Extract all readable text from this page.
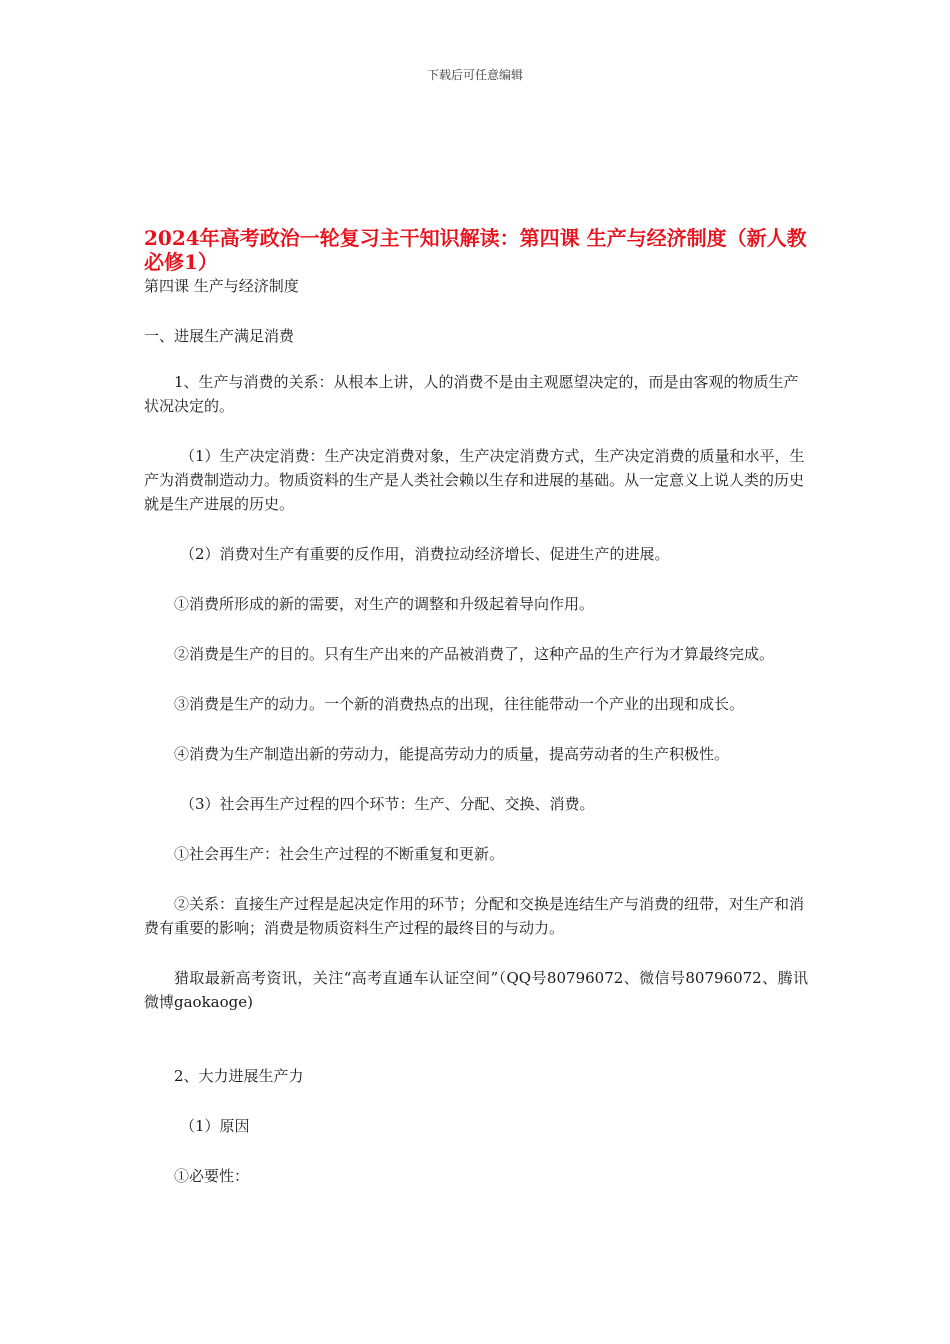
下载后可任意编辑
2024年高考政治一轮复习主干知识解读：第四课 生产与经济制度（新人教必修1）

第四课 生产与经济制度

一、进展生产满足消费

1、生产与消费的关系：从根本上讲，人的消费不是由主观愿望决定的，而是由客观的物质生产状况决定的。

（1）生产决定消费：生产决定消费对象，生产决定消费方式，生产决定消费的质量和水平，生产为消费制造动力。物质资料的生产是人类社会赖以生存和进展的基础。从一定意义上说人类的历史就是生产进展的历史。

（2）消费对生产有重要的反作用，消费拉动经济增长、促进生产的进展。

①消费所形成的新的需要，对生产的调整和升级起着导向作用。

②消费是生产的目的。只有生产出来的产品被消费了，这种产品的生产行为才算最终完成。

③消费是生产的动力。一个新的消费热点的出现，往往能带动一个产业的出现和成长。

④消费为生产制造出新的劳动力，能提高劳动力的质量，提高劳动者的生产积极性。

（3）社会再生产过程的四个环节：生产、分配、交换、消费。

①社会再生产：社会生产过程的不断重复和更新。

②关系：直接生产过程是起决定作用的环节；分配和交换是连结生产与消费的纽带，对生产和消费有重要的影响；消费是物质资料生产过程的最终目的与动力。

猎取最新高考资讯，关注“高考直通车认证空间”（QQ号80796072、微信号80796072、腾讯微博gaokaoge)

2、大力进展生产力

（1）原因

①必要性：
